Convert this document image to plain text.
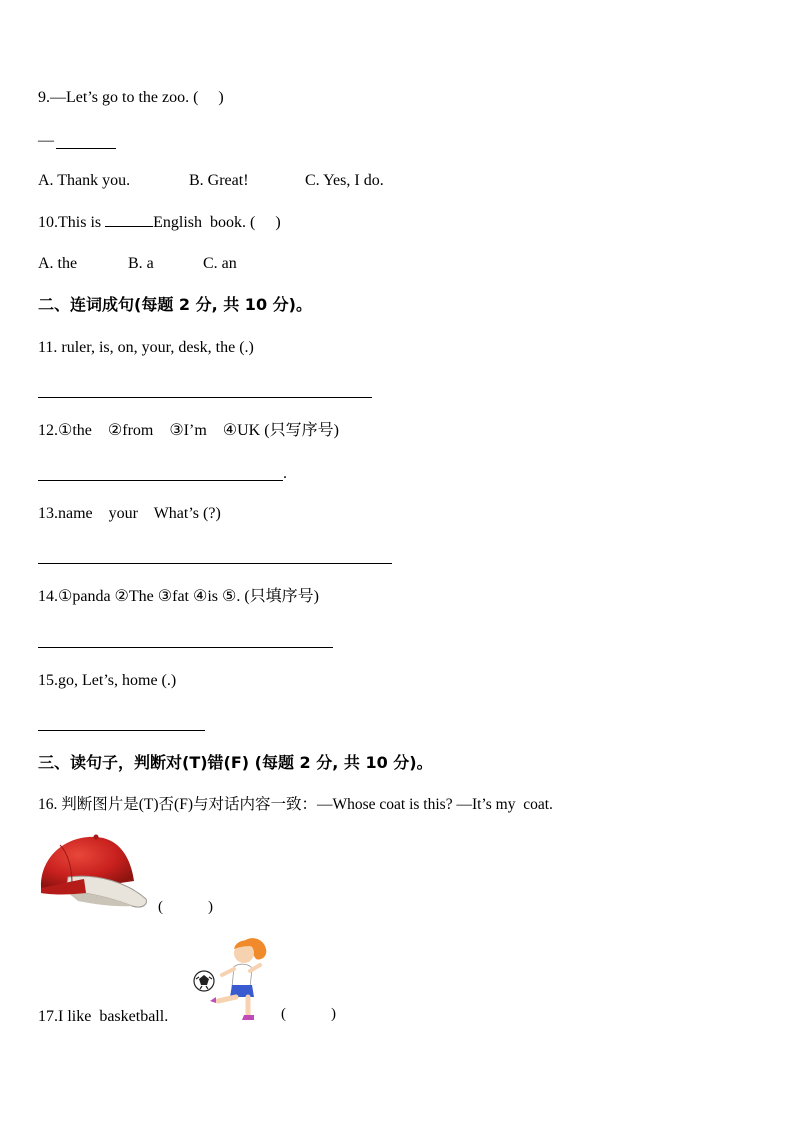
9.—Let’s go to the zoo. (     )
—
A. Thank you.	B. Great!	C. Yes, I do.
10.This is	English  book. (     )
A. the	B. a	C. an
二、连词成句(每题 2 分, 共 10 分)。
11. ruler, is, on, your, desk, the (.)
12.①the    ②from    ③I’m    ④UK (只写序号)
.
13.name    your    What’s (?)
14.①panda ②The ③fat ④is ⑤. (只填序号)
15.go, Let’s, home (.)
三、读句子，判断对(T)错(F) (每题 2 分, 共 10 分)。
16. 判断图片是(T)否(F)与对话内容一致：—Whose coat is this? —It’s my  coat.
(            )
17.I like  basketball.	(            )
